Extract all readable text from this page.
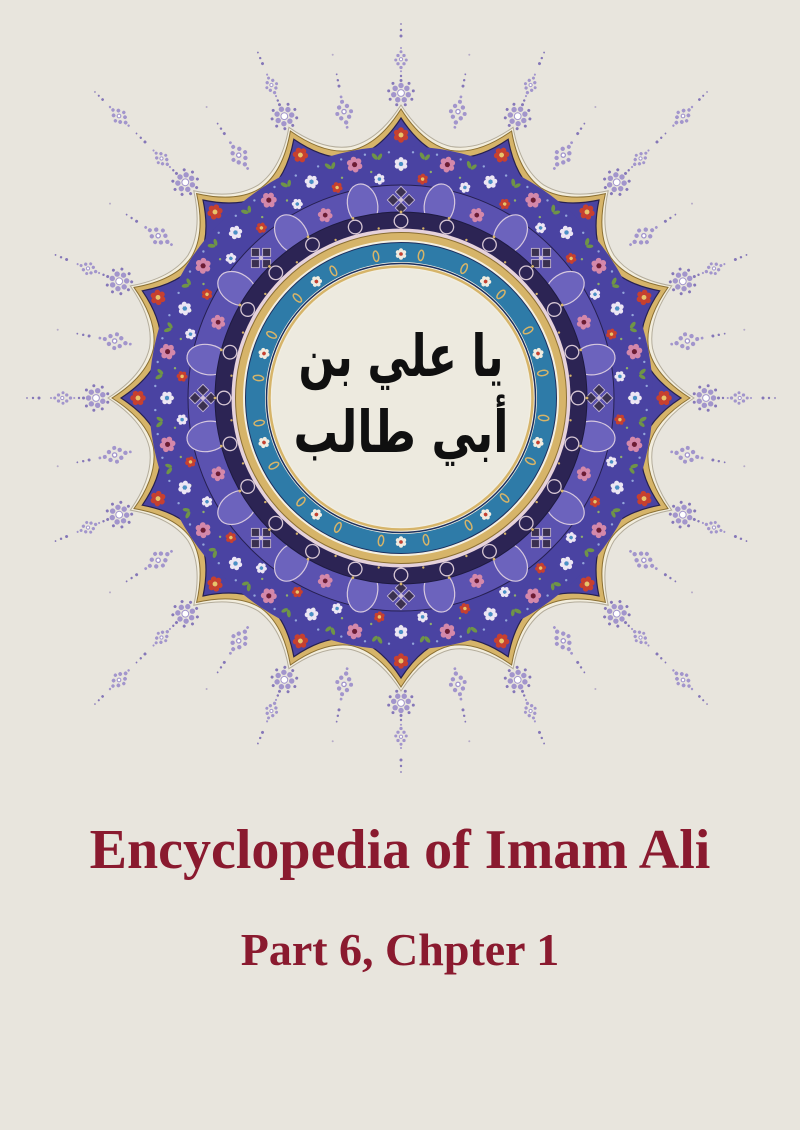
يا علي بن
أبي طالب
Encyclopedia of Imam Ali
Part 6, Chpter 1
